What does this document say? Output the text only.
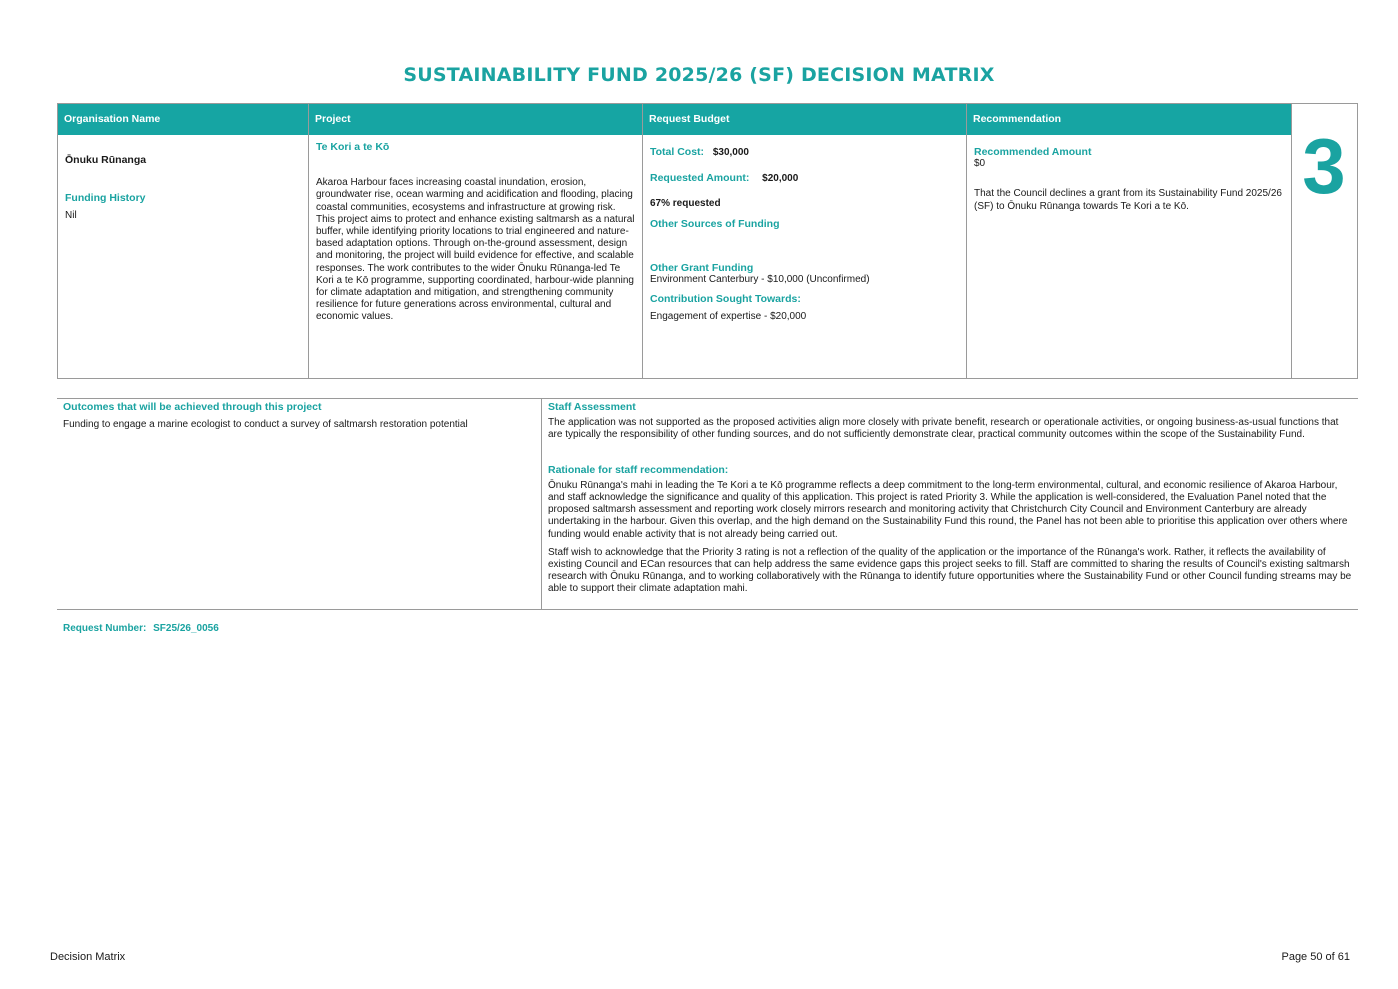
SUSTAINABILITY FUND 2025/26 (SF) DECISION MATRIX
Organisation Name

Ōnuku Rūnanga

Funding History

Nil

Project

Te Kori a te Kō

Akaroa Harbour faces increasing coastal inundation, erosion, groundwater rise, ocean warming and acidification and flooding, placing coastal communities, ecosystems and infrastructure at growing risk. This project aims to protect and enhance existing saltmarsh as a natural buffer, while identifying priority locations to trial engineered and nature-based adaptation options. Through on-the-ground assessment, design and monitoring, the project will build evidence for effective, and scalable responses. The work contributes to the wider Ōnuku Rūnanga-led Te Kori a te Kō programme, supporting coordinated, harbour-wide planning for climate adaptation and mitigation, and strengthening community resilience for future generations across environmental, cultural and economic values.

Request Budget

Total Cost: $30,000

Requested Amount: $20,000

67% requested

Other Sources of Funding

Other Grant Funding

Environment Canterbury - $10,000 (Unconfirmed)

Contribution Sought Towards:

Engagement of expertise - $20,000

Recommendation

Recommended Amount

$0

That the Council declines a grant from its Sustainability Fund 2025/26 (SF) to Ōnuku Rūnanga towards Te Kori a te Kō.	3

Outcomes that will be achieved through this project

Funding to engage a marine ecologist to conduct a survey of saltmarsh restoration potential

Staff Assessment

The application was not supported as the proposed activities align more closely with private benefit, research or operationale activities, or ongoing business-as-usual functions that are typically the responsibility of other funding sources, and do not sufficiently demonstrate clear, practical community outcomes within the scope of the Sustainability Fund.

Rationale for staff recommendation:

Ōnuku Rūnanga's mahi in leading the Te Kori a te Kō programme reflects a deep commitment to the long-term environmental, cultural, and economic resilience of Akaroa Harbour, and staff acknowledge the significance and quality of this application. This project is rated Priority 3. While the application is well-considered, the Evaluation Panel noted that the proposed saltmarsh assessment and reporting work closely mirrors research and monitoring activity that Christchurch City Council and Environment Canterbury are already undertaking in the harbour. Given this overlap, and the high demand on the Sustainability Fund this round, the Panel has not been able to prioritise this application over others where funding would enable activity that is not already being carried out.

Staff wish to acknowledge that the Priority 3 rating is not a reflection of the quality of the application or the importance of the Rūnanga's work. Rather, it reflects the availability of existing Council and ECan resources that can help address the same evidence gaps this project seeks to fill. Staff are committed to sharing the results of Council's existing saltmarsh research with Ōnuku Rūnanga, and to working collaboratively with the Rūnanga to identify future opportunities where the Sustainability Fund or other Council funding streams may be able to support their climate adaptation mahi.

Request Number: SF25/26_0056
Decision Matrix	Page 50 of 61
